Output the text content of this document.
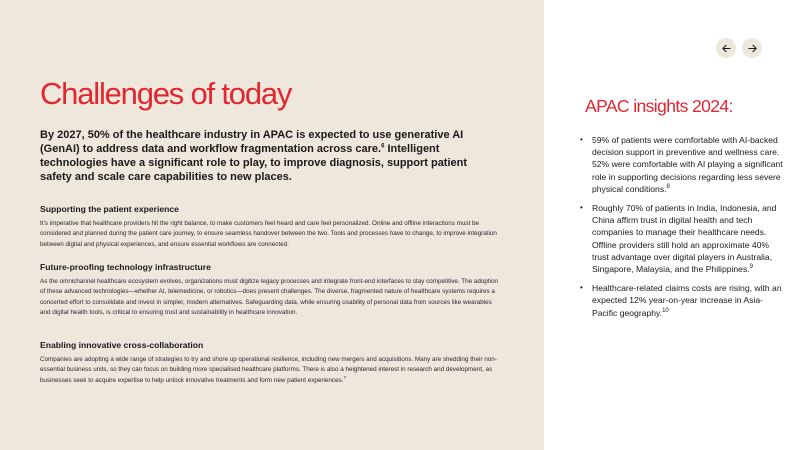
Challenges of today

By 2027, 50% of the healthcare industry in APAC is expected to use generative AI (GenAI) to address data and workflow fragmentation across care.$^6$ Intelligent technologies have a significant role to play, to improve diagnosis, support patient safety and scale care capabilities to new places.

Supporting the patient experience

It’s imperative that healthcare providers hit the right balance, to make customers feel heard and care feel personalized. Online and offline interactions must be considered and planned during the patient care journey, to ensure seamless handover between the two. Tools and processes have to change, to improve integration between digital and physical experiences, and ensure essential workflows are connected.

Future-proofing technology infrastructure

As the omnichannel healthcare ecosystem evolves, organizations must digitize legacy processes and integrate front-end interfaces to stay competitive. The adoption of these advanced technologies—whether AI, telemedicine, or robotics—does present challenges. The diverse, fragmented nature of healthcare systems requires a concerted effort to consolidate and invest in simpler, modern alternatives. Safeguarding data, while ensuring usability of personal data from sources like wearables and digital health tools, is critical to ensuring trust and sustainability in healthcare innovation.

Enabling innovative cross-collaboration

Companies are adopting a wide range of strategies to try and shore up operational resilience, including new mergers and acquisitions. Many are shedding their non-essential business units, so they can focus on building more specialised healthcare platforms. There is also a heightened interest in research and development, as businesses seek to acquire expertise to help unlock innovative treatments and form new patient experiences.$^7$

APAC insights 2024:
• 59% of patients were comfortable with AI-backed decision support in preventive and wellness care. 52% were comfortable with AI playing a significant role in supporting decisions regarding less severe physical conditions.$^8$
• Roughly 70% of patients in India, Indonesia, and China affirm trust in digital health and tech companies to manage their healthcare needs. Offline providers still hold an approximate 40% trust advantage over digital players in Australia, Singapore, Malaysia, and the Philippines.$^9$
• Healthcare-related claims costs are rising, with an expected 12% year-on-year increase in Asia-Pacific geography.$^{10}$
